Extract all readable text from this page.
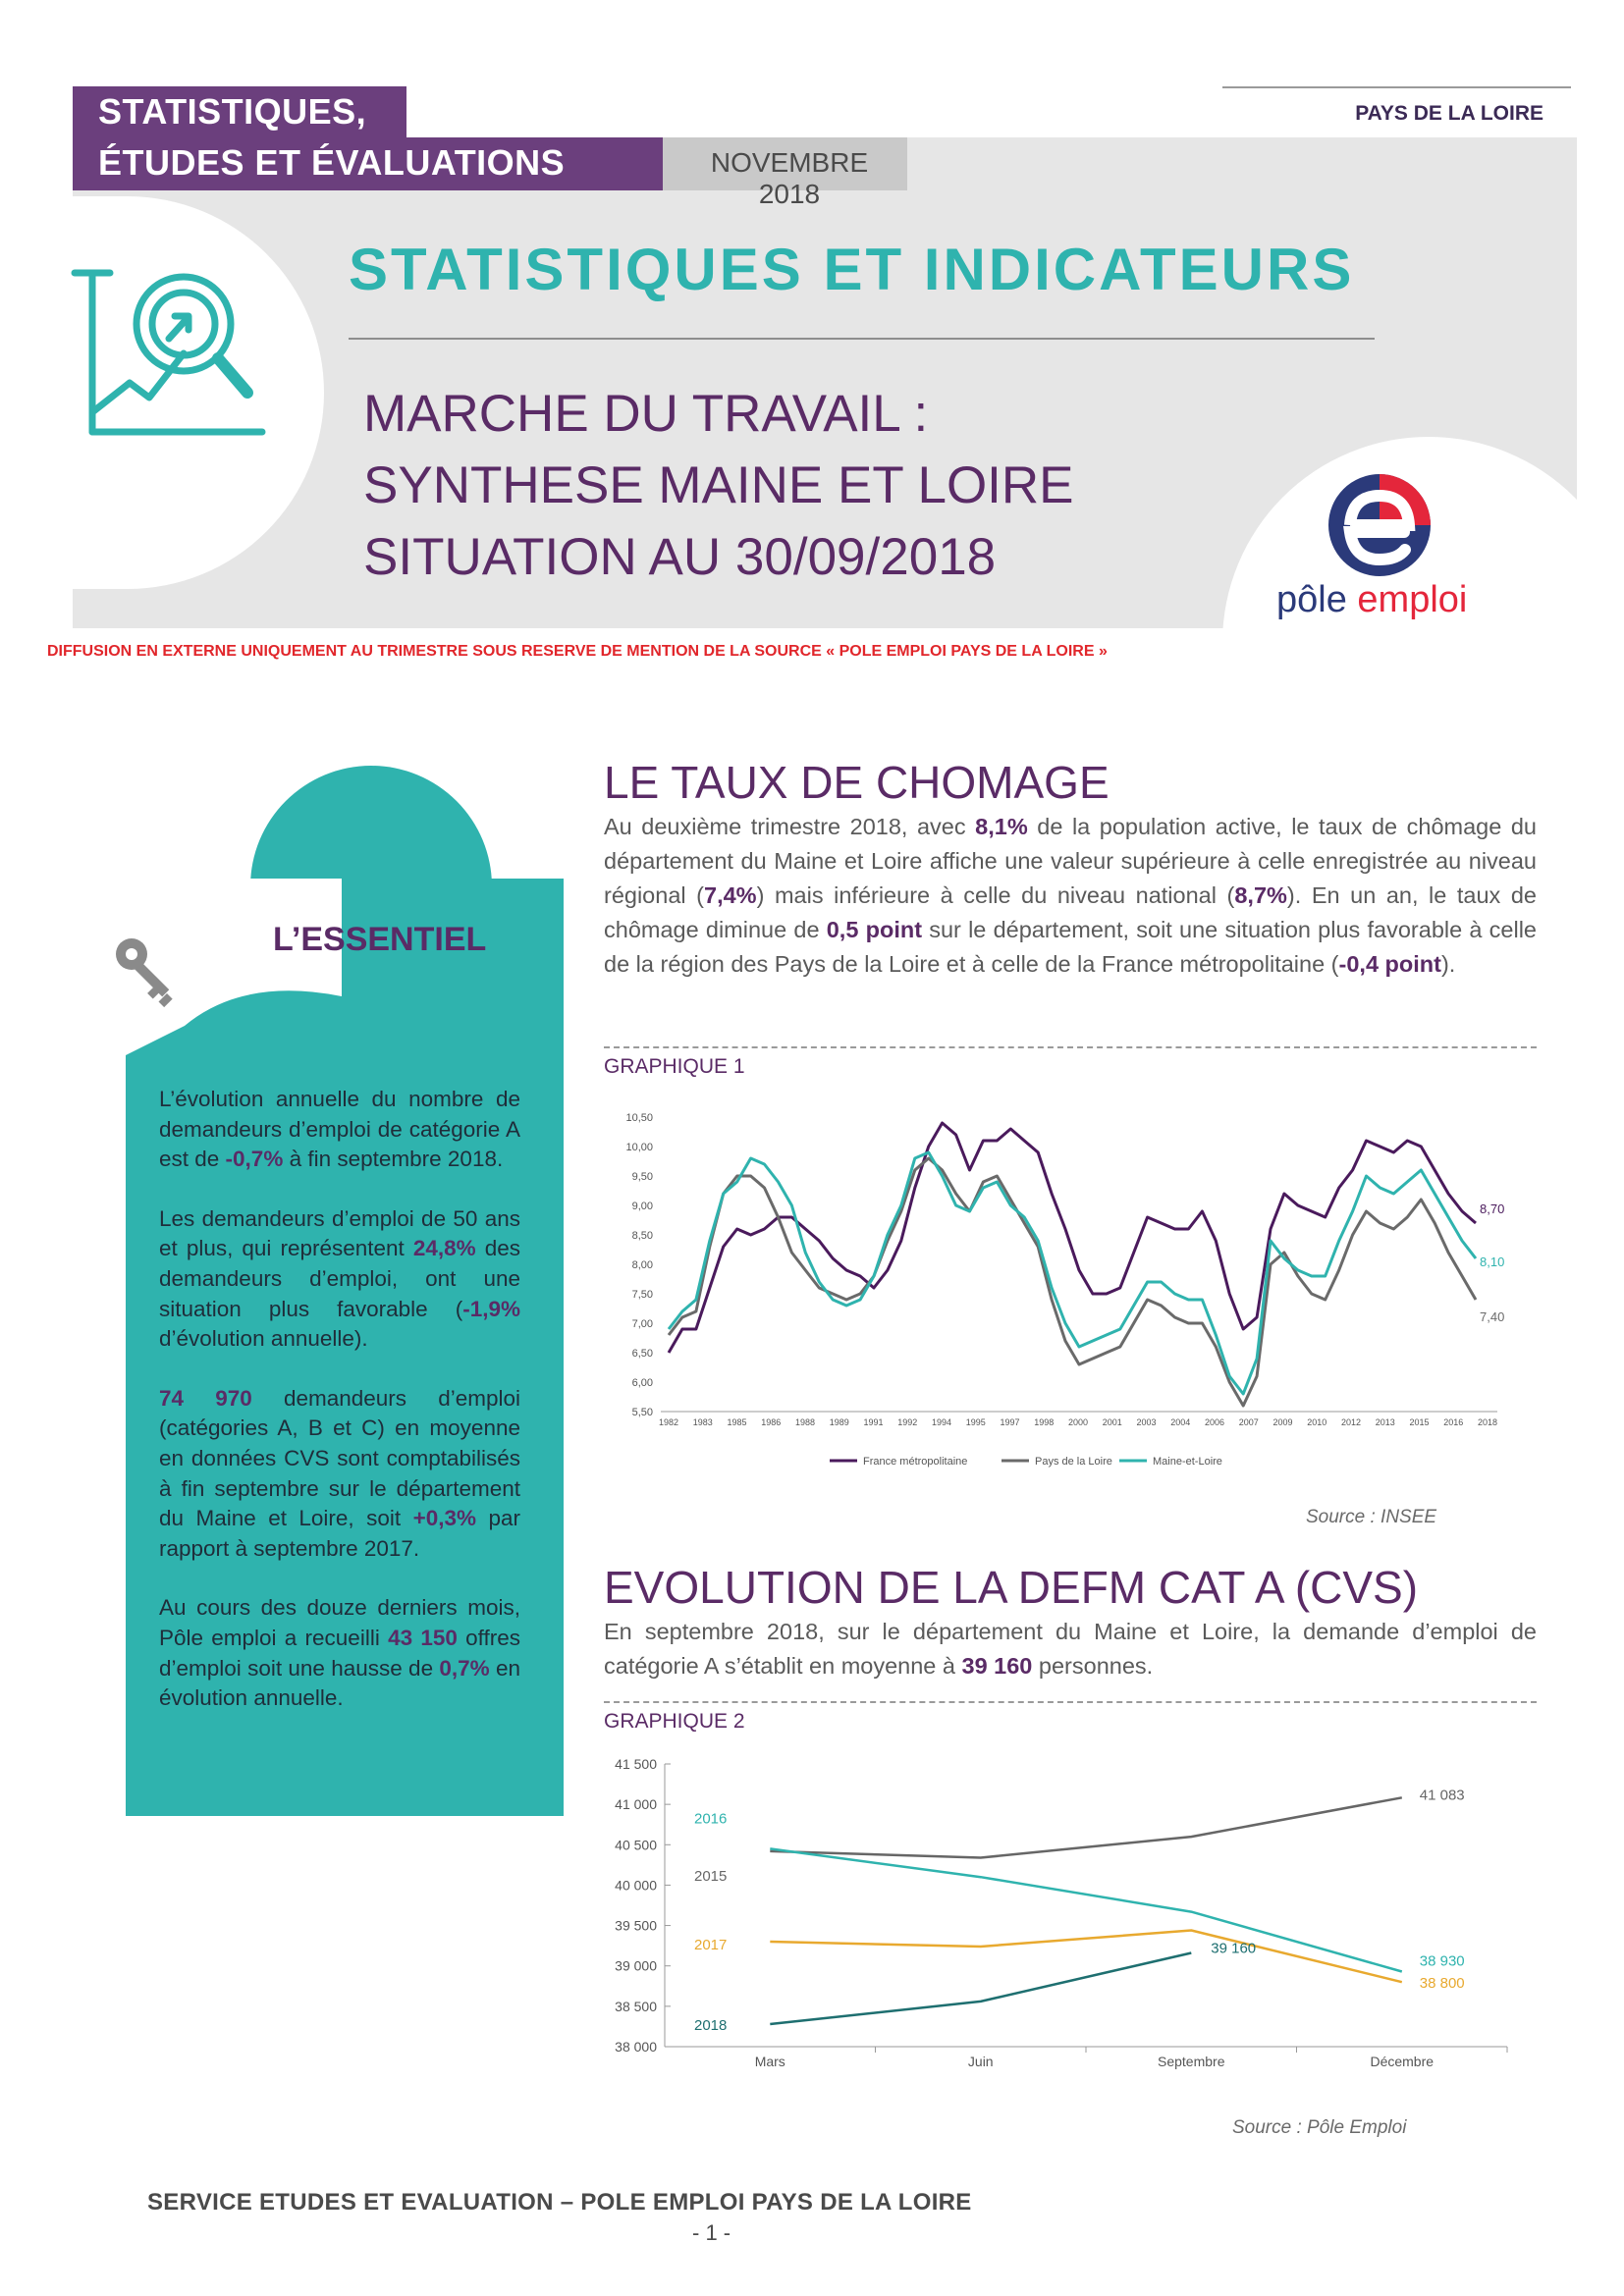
STATISTIQUES,
ÉTUDES ET ÉVALUATIONS	NOVEMBRE 2018
PAYS DE LA LOIRE
STATISTIQUES ET INDICATEURS
MARCHE DU TRAVAIL :
SYNTHESE MAINE ET LOIRE
SITUATION AU 30/09/2018
pôle emploi
DIFFUSION EN EXTERNE UNIQUEMENT AU TRIMESTRE SOUS RESERVE DE MENTION DE LA SOURCE « POLE EMPLOI PAYS DE LA LOIRE »
L’ESSENTIEL

L’évolution annuelle du nombre de demandeurs d’emploi de catégorie A est de -0,7% à fin septembre 2018.

Les demandeurs d’emploi de 50 ans et plus, qui représentent 24,8% des demandeurs d’emploi, ont une situation plus favorable (-1,9% d’évolution annuelle).

74 970 demandeurs d’emploi (catégories A, B et C) en moyenne en données CVS sont comptabilisés à fin septembre sur le département du Maine et Loire, soit +0,3% par rapport à septembre 2017.

Au cours des douze derniers mois, Pôle emploi a recueilli 43 150 offres d’emploi soit une hausse de 0,7% en évolution annuelle.

LE TAUX DE CHOMAGE
Au deuxième trimestre 2018, avec 8,1% de la population active, le taux de chômage du département du Maine et Loire affiche une valeur supérieure à celle enregistrée au niveau régional (7,4%) mais inférieure à celle du niveau national (8,7%). En un an, le taux de chômage diminue de 0,5 point sur le département, soit une situation plus favorable à celle de la région des Pays de la Loire et à celle de la France métropolitaine (-0,4 point).
GRAPHIQUE 1
10,50
10,00
9,50
9,00
8,50
8,00
7,50
7,00
6,50
6,00
5,50
1982 1983 1985 1986 1988 1989 1991 1992 1994 1995 1997 1998 2000 2001 2003 2004 2006 2007 2009 2010 2012 2013 2015 2016 2018
8,70
7,40
8,10
France métropolitaine	Pays de la Loire	Maine-et-Loire
Source : INSEE
EVOLUTION DE LA DEFM CAT A (CVS)
En septembre 2018, sur le département du Maine et Loire, la demande d’emploi de catégorie A s’établit en moyenne à 39 160 personnes.
GRAPHIQUE 2
41 500
41 000
40 500
40 000
39 500
39 000
38 500
38 000
Mars	Juin	Septembre	Décembre
2015
2016
2017
2018
41 083
39 160
38 930
38 800
Source : Pôle Emploi
SERVICE ETUDES ET EVALUATION – POLE EMPLOI PAYS DE LA LOIRE
- 1 -
